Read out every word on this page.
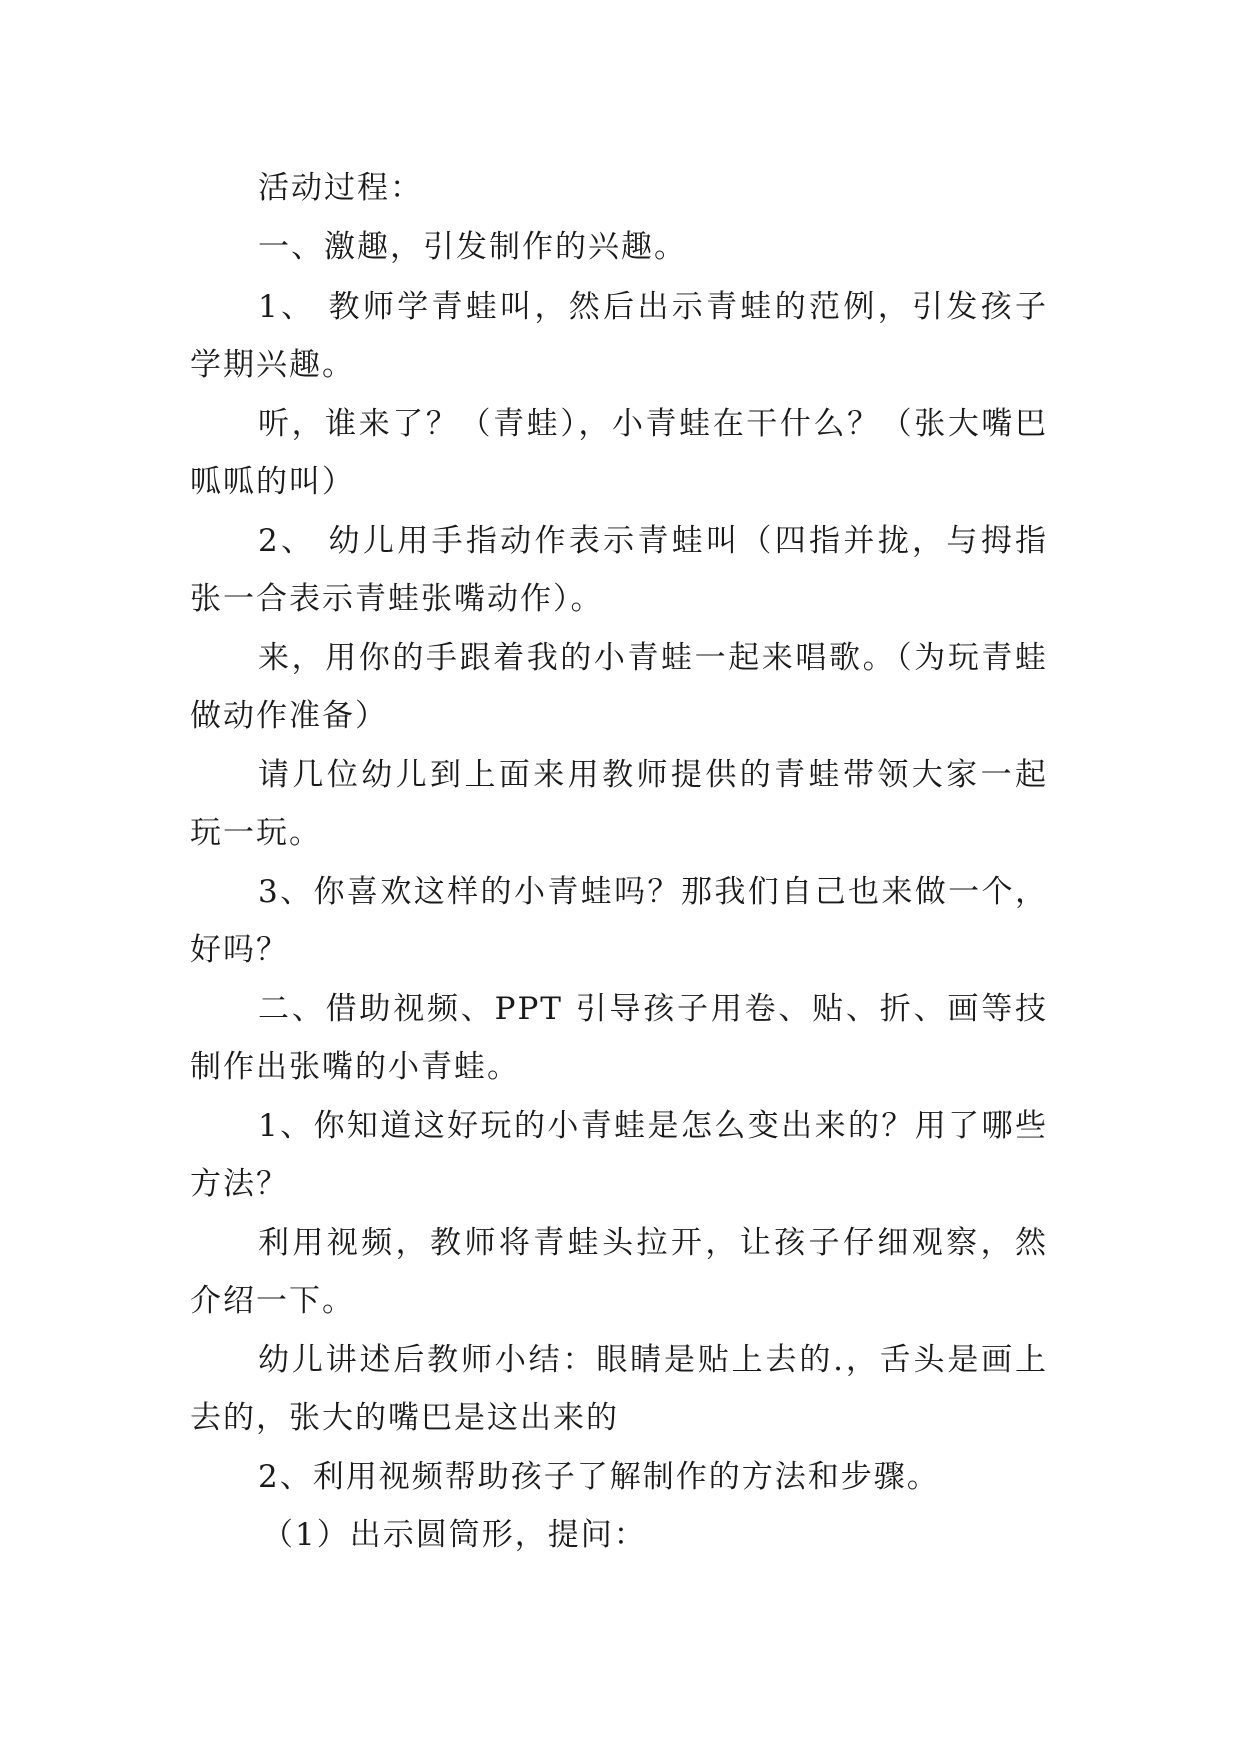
活动过程：
一、激趣，引发制作的兴趣。
1、 教师学青蛙叫，然后出示青蛙的范例，引发孩子
学期兴趣。
听，谁来了？（青蛙），小青蛙在干什么？（张大嘴巴
呱呱的叫）
2、 幼儿用手指动作表示青蛙叫（四指并拢，与拇指
张一合表示青蛙张嘴动作）。
来，用你的手跟着我的小青蛙一起来唱歌。（为玩青蛙
做动作准备）
请几位幼儿到上面来用教师提供的青蛙带领大家一起
玩一玩。
3、你喜欢这样的小青蛙吗？那我们自己也来做一个，
好吗？
二、借助视频、PPT 引导孩子用卷、贴、折、画等技
制作出张嘴的小青蛙。
1、你知道这好玩的小青蛙是怎么变出来的？用了哪些
方法？
利用视频，教师将青蛙头拉开，让孩子仔细观察，然
介绍一下。
幼儿讲述后教师小结：眼睛是贴上去的.，舌头是画上
去的，张大的嘴巴是这出来的
2、利用视频帮助孩子了解制作的方法和步骤。
（1）出示圆筒形，提问：
